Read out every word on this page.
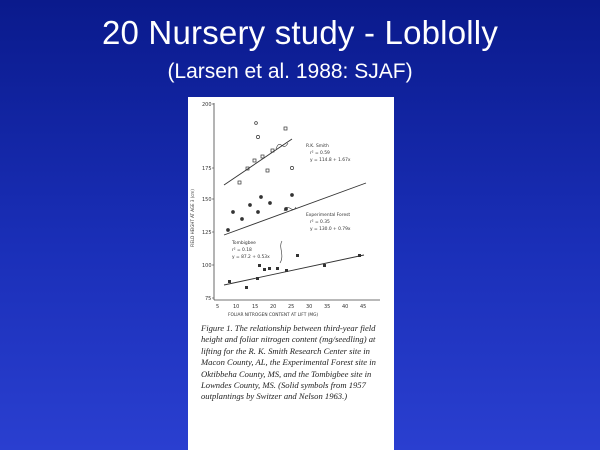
20 Nursery study - Loblolly
(Larsen et al. 1988: SJAF)
200
175
150
125
100
75
FIELD HEIGHT AT AGE 3 (cm)
5	10	15 20 25 30 35 40 45
FOLIAR NITROGEN CONTENT AT LIFT (MG)
R.K. Smith
r² = 0.59
y = 114.8 + 1.67x
Experimental Forest
r² = 0.35
y = 130.0 + 0.79x
Tombigbee
r² = 0.18
y = 87.2 + 0.53x
Figure 1. The relationship between third-year field height and foliar nitrogen content (mg/seedling) at lifting for the R. K. Smith Research Center site in Macon County, AL, the Experimental Forest site in Oktibbeha County, MS, and the Tombigbee site in Lowndes County, MS. (Solid symbols from 1957 outplantings by Switzer and Nelson 1963.)
